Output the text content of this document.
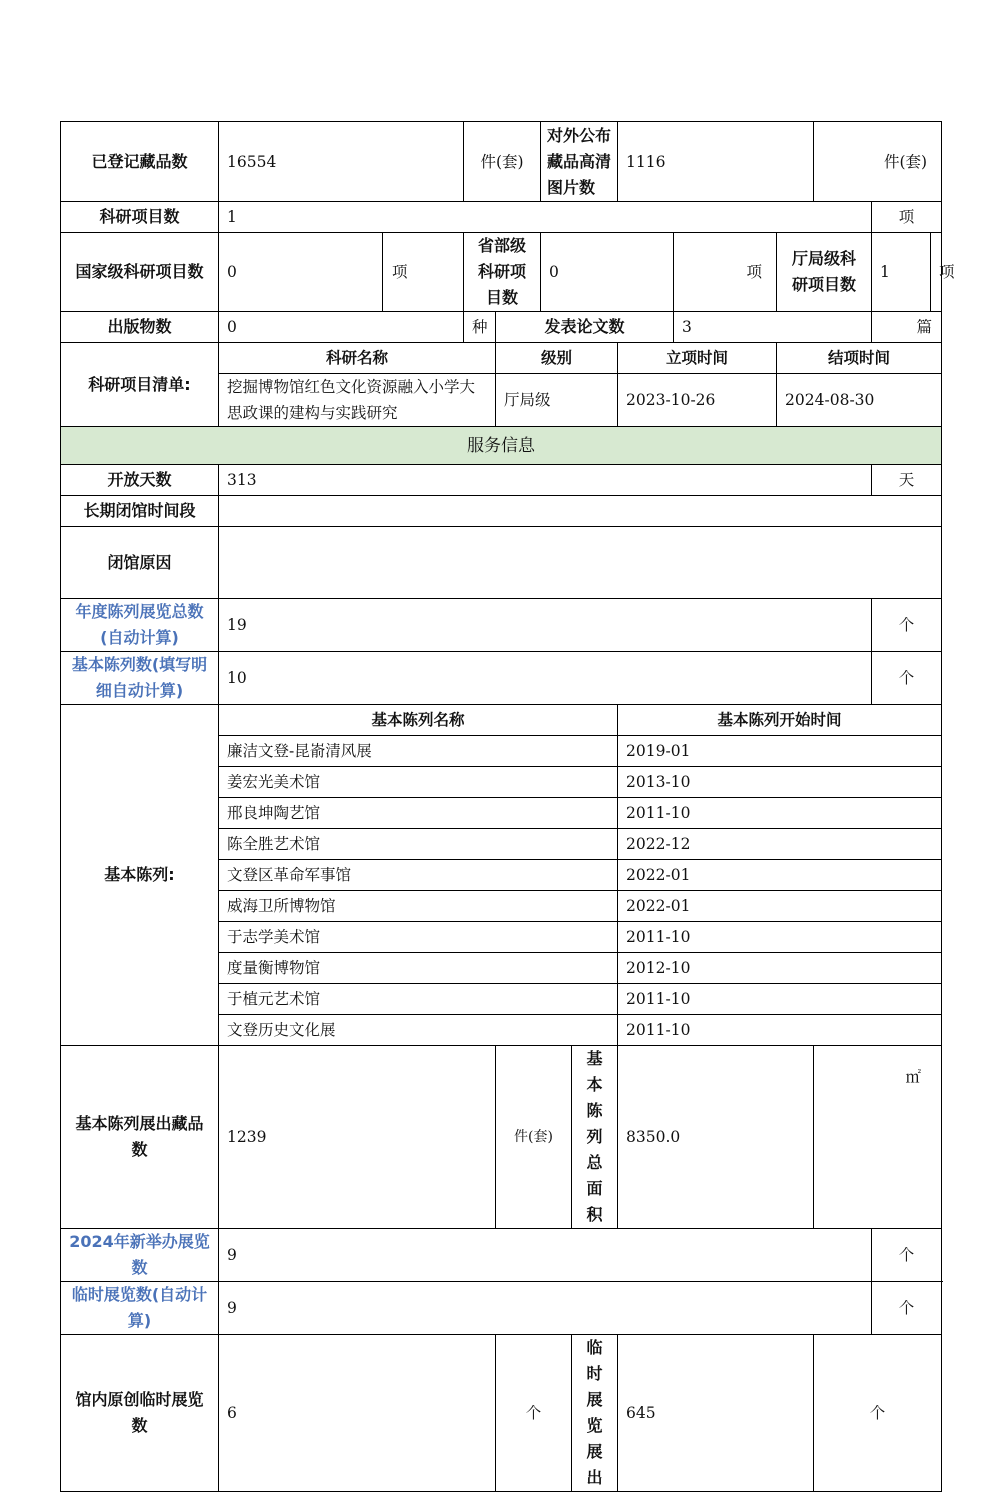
已登记藏品数	16554		件(套)		对外公布藏品高清图片数		1116			件(套)		
科研项目数	1										项	
国家级科研项目数	0	项	省部级科研项目数		0			项	厅局级科研项目数		1	项
出版物数	0		种	发表论文数				3			篇	
科研项目清单:	科研名称			级别			立项时间		结项时间			
	挖掘博物馆红色文化资源融入小学大思政课的建构与实践研究			厅局级			2023-10-26		2024-08-30			
服务信息												
开放天数	313										天	
长期闭馆时间段												
闭馆原因												
年度陈列展览总数(自动计算)	19										个	
基本陈列数(填写明细自动计算)	10										个	
基本陈列:	基本陈列名称						基本陈列开始时间					
	廉洁文登-昆嵛清风展						2019-01					
	姜宏光美术馆						2013-10					
	邢良坤陶艺馆						2011-10					
	陈全胜艺术馆						2022-12					
	文登区革命军事馆						2022-01					
	威海卫所博物馆						2022-01					
	于志学美术馆						2011-10					
	度量衡博物馆						2012-10					
	于植元艺术馆						2011-10					
	文登历史文化展						2011-10					
基本陈列展出藏品数	1239			件(套)		基本陈列总面积	8350.0			㎡		
2024年新举办展览数	9										个	
临时展览数(自动计算)	9										个	
馆内原创临时展览数	6			个		临时展览展出	645			个		
